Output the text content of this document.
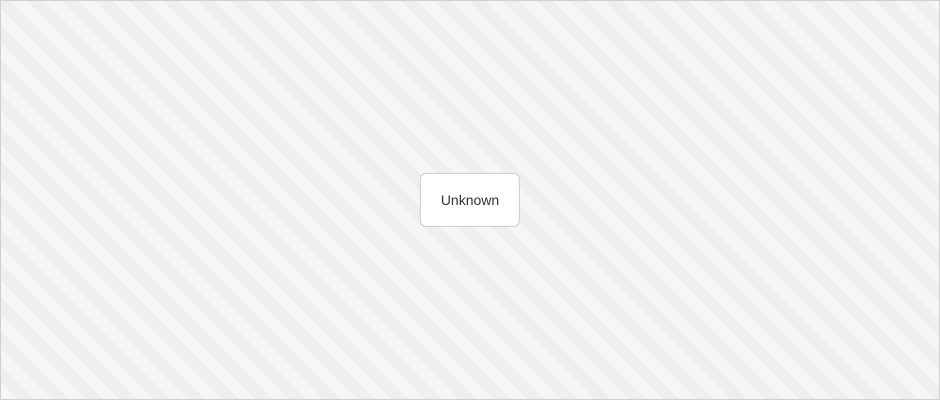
Unknown
